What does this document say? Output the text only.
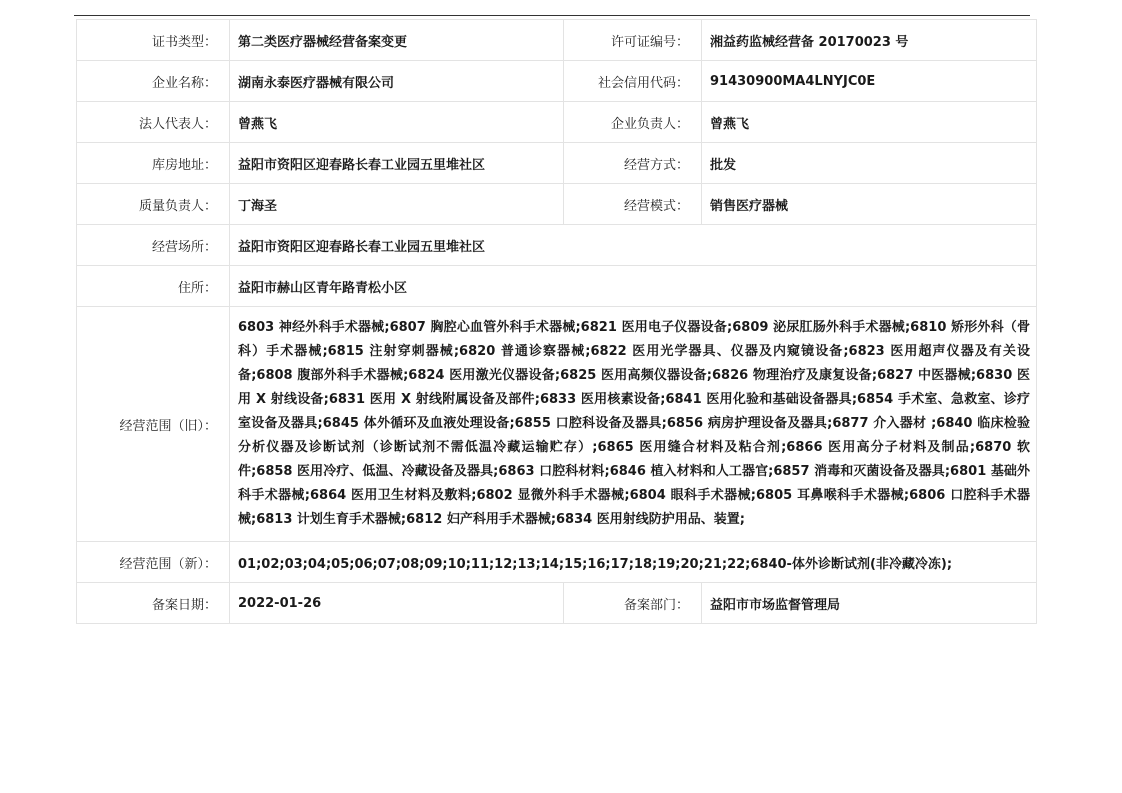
证书类型：	第二类医疗器械经营备案变更	许可证编号：	湘益药监械经营备 20170023 号
企业名称：	湖南永泰医疗器械有限公司	社会信用代码：	91430900MA4LNYJC0E
法人代表人：	曾燕飞	企业负责人：	曾燕飞
库房地址：	益阳市资阳区迎春路长春工业园五里堆社区	经营方式：	批发
质量负责人：	丁海圣	经营模式：	销售医疗器械
经营场所：	益阳市资阳区迎春路长春工业园五里堆社区		
住所：	益阳市赫山区青年路青松小区		
经营范围（旧）：	6803 神经外科手术器械;6807 胸腔心血管外科手术器械;6821 医用电子仪器设备;6809 泌尿肛肠外科手术器械;6810 矫形外科（骨科）手术器械;6815 注射穿刺器械;6820 普通诊察器械;6822 医用光学器具、仪器及内窥镜设备;6823 医用超声仪器及有关设备;6808 腹部外科手术器械;6824 医用激光仪器设备;6825 医用高频仪器设备;6826 物理治疗及康复设备;6827 中医器械;6830 医用 X 射线设备;6831 医用 X 射线附属设备及部件;6833 医用核素设备;6841 医用化验和基础设备器具;6854 手术室、急救室、诊疗室设备及器具;6845 体外循环及血液处理设备;6855 口腔科设备及器具;6856 病房护理设备及器具;6877 介入器材 ;6840 临床检验分析仪器及诊断试剂（诊断试剂不需低温冷藏运输贮存）;6865 医用缝合材料及粘合剂;6866 医用高分子材料及制品;6870 软 件;6858 医用冷疗、低温、冷藏设备及器具;6863 口腔科材料;6846 植入材料和人工器官;6857 消毒和灭菌设备及器具;6801 基础外科手术器械;6864 医用卫生材料及敷料;6802 显微外科手术器械;6804 眼科手术器械;6805 耳鼻喉科手术器械;6806 口腔科手术器械;6813 计划生育手术器械;6812 妇产科用手术器械;6834 医用射线防护用品、装置;		
经营范围（新）：	01;02;03;04;05;06;07;08;09;10;11;12;13;14;15;16;17;18;19;20;21;22;6840-体外诊断试剂(非冷藏冷冻);		
备案日期：	2022-01-26	备案部门：	益阳市市场监督管理局
